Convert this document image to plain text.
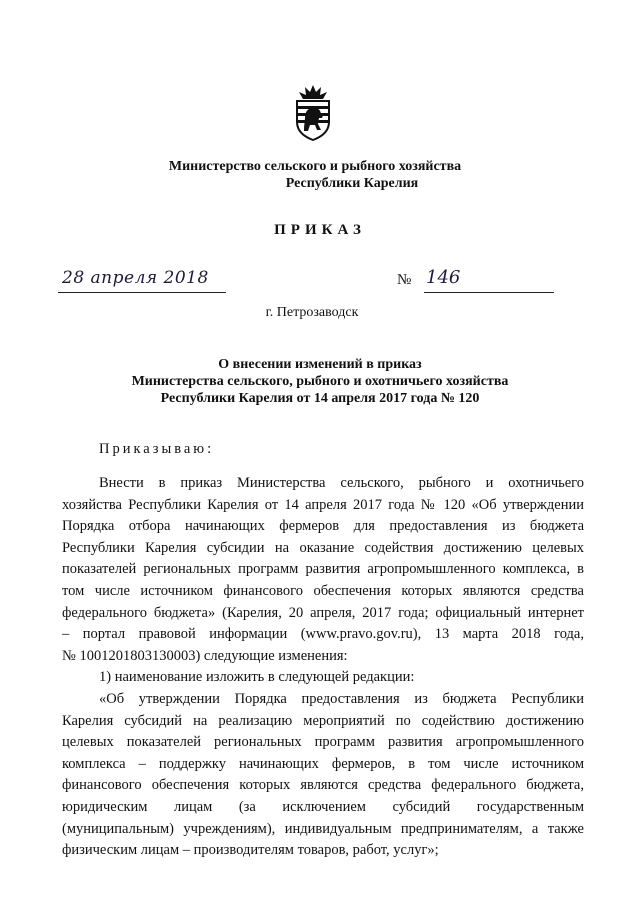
Министерство сельского и рыбного хозяйства
Республики Карелия
ПРИКАЗ
28 апреля 2018	№ 146
г. Петрозаводск
О внесении изменений в приказ
Министерства сельского, рыбного и охотничьего хозяйства
Республики Карелия от 14 апреля 2017 года № 120
Приказываю:
Внести в приказ Министерства сельского, рыбного и охотничьего
хозяйства Республики Карелия от 14 апреля 2017 года № 120 «Об утверждении
Порядка отбора начинающих фермеров для предоставления из бюджета
Республики Карелия субсидии на оказание содействия достижению целевых
показателей региональных программ развития агропромышленного комплекса, в
том числе источником финансового обеспечения которых являются средства
федерального бюджета» (Карелия, 20 апреля, 2017 года; официальный интернет
– портал правовой информации (www.pravo.gov.ru), 13 марта 2018 года,
№ 1001201803130003) следующие изменения:
1) наименование изложить в следующей редакции:
«Об утверждении Порядка предоставления из бюджета Республики
Карелия субсидий на реализацию мероприятий по содействию достижению
целевых показателей региональных программ развития агропромышленного
комплекса – поддержку начинающих фермеров, в том числе источником
финансового обеспечения которых являются средства федерального бюджета,
юридическим лицам (за исключением субсидий государственным
(муниципальным) учреждениям), индивидуальным предпринимателям, а также
физическим лицам – производителям товаров, работ, услуг»;
